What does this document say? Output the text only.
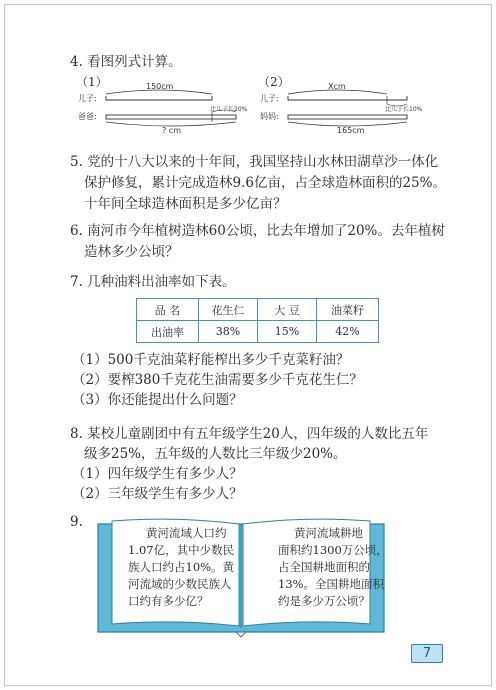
4. 看图列式计算。
（1）	（2）
儿子:
150cm
比儿子长20%
爸爸:
? cm
儿子:
Xcm
比儿子长10%
妈妈:
165cm
5. 党的十八大以来的十年间，我国坚持山水林田湖草沙一体化
保护修复，累计完成造林9.6亿亩，占全球造林面积的25%。
十年间全球造林面积是多少亿亩？
6. 南河市今年植树造林60公顷，比去年增加了20%。去年植树
造林多少公顷？
7. 几种油料出油率如下表。
品 名	花生仁	大 豆	油菜籽
出油率	38%	15%	42%
（1）500千克油菜籽能榨出多少千克菜籽油？
（2）要榨380千克花生油需要多少千克花生仁？
（3）你还能提出什么问题？
8. 某校儿童剧团中有五年级学生20人，四年级的人数比五年
级多25%，五年级的人数比三年级少20%。
（1）四年级学生有多少人？
（2）三年级学生有多少人？
9.
黄河流域人口约
1.07亿，其中少数民
族人口约占10%。黄
河流域的少数民族人
口约有多少亿？
黄河流域耕地
面积约1300万公顷，
占全国耕地面积的
13%。全国耕地面积
约是多少万公顷？
7
